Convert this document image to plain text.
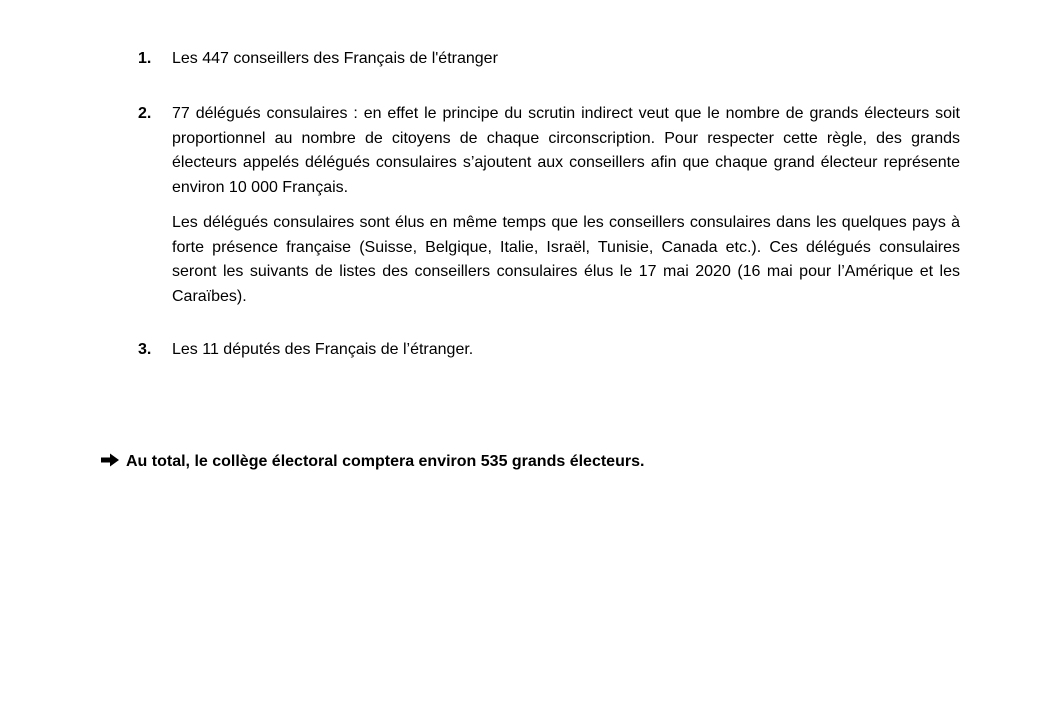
1. Les 447 conseillers des Français de l'étranger

2. 77 délégués consulaires : en effet le principe du scrutin indirect veut que le nombre de grands électeurs soit proportionnel au nombre de citoyens de chaque circonscription. Pour respecter cette règle, des grands électeurs appelés délégués consulaires s’ajoutent aux conseillers afin que chaque grand électeur représente environ 10 000 Français.

Les délégués consulaires sont élus en même temps que les conseillers consulaires dans les quelques pays à forte présence française (Suisse, Belgique, Italie, Israël, Tunisie, Canada etc.). Ces délégués consulaires seront les suivants de listes des conseillers consulaires élus le 17 mai 2020 (16 mai pour l’Amérique et les Caraïbes).

3. Les 11 députés des Français de l’étranger.

Au total, le collège électoral comptera environ 535 grands électeurs.
